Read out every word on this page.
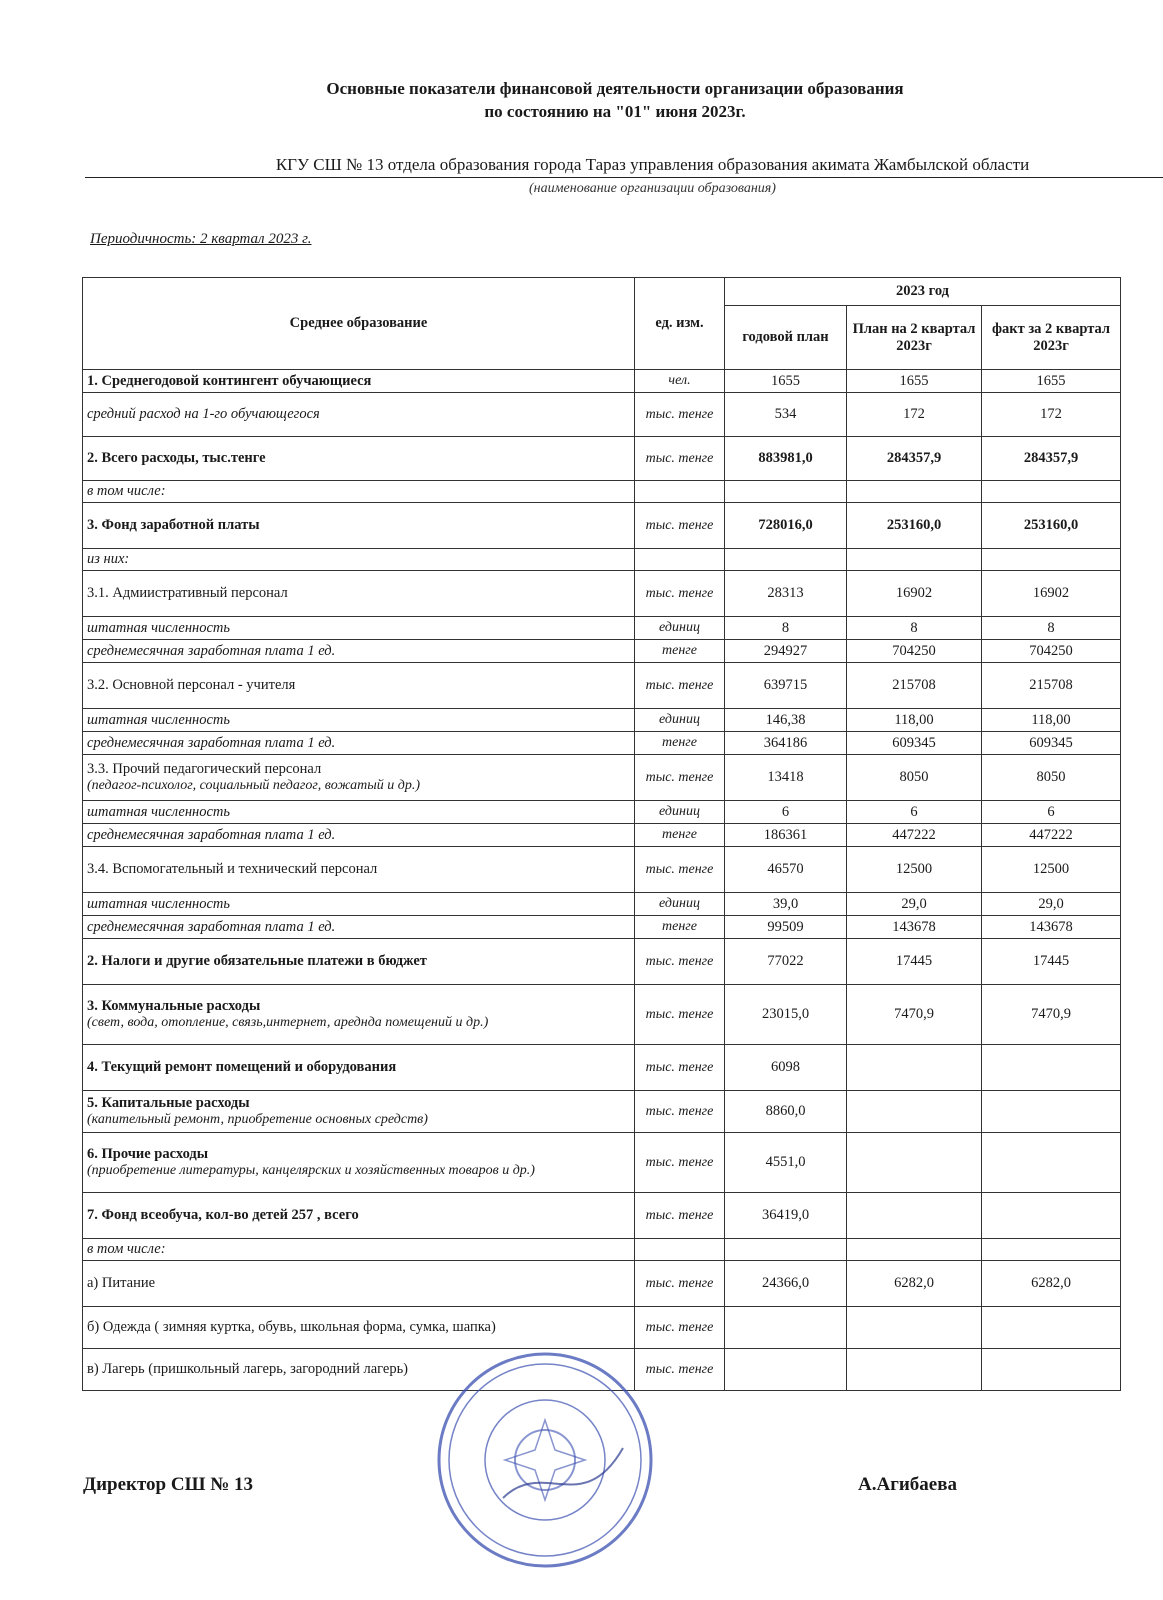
Основные показатели финансовой деятельности организации образования
по состоянию на "01" июня 2023г.
КГУ СШ № 13 отдела образования города Тараз управления образования акимата Жамбылской области
(наименование организации образования)
Периодичность: 2 квартал 2023 г.
Среднее образование	ед. изм.	2023 год		
		годовой план	План на 2 квартал 2023г	факт за 2 квартал 2023г
1. Среднегодовой контингент обучающиеся	чел.	1655	1655	1655
средний расход на 1-го обучающегося	тыс. тенге	534	172	172
2. Всего расходы, тыс.тенге	тыс. тенге	883981,0	284357,9	284357,9
в том числе:				
3. Фонд заработной платы	тыс. тенге	728016,0	253160,0	253160,0
из них:				
3.1. Адмиистративный персонал	тыс. тенге	28313	16902	16902
штатная численность	единиц	8	8	8
среднемесячная заработная плата 1 ед.	тенге	294927	704250	704250
3.2. Основной персонал - учителя	тыс. тенге	639715	215708	215708
штатная численность	единиц	146,38	118,00	118,00
среднемесячная заработная плата 1 ед.	тенге	364186	609345	609345
3.3. Прочий педагогический персонал
(педагог-психолог, социальный педагог, вожатый и др.)	тыс. тенге	13418	8050	8050
штатная численность	единиц	6	6	6
среднемесячная заработная плата 1 ед.	тенге	186361	447222	447222
3.4. Вспомогательный и технический персонал	тыс. тенге	46570	12500	12500
штатная численность	единиц	39,0	29,0	29,0
среднемесячная заработная плата 1 ед.	тенге	99509	143678	143678
2. Налоги и другие обязательные платежи в бюджет	тыс. тенге	77022	17445	17445
3. Коммунальные расходы
(свет, вода, отопление, связь,интернет, аредндa помещений и др.)	тыс. тенге	23015,0	7470,9	7470,9
4. Текущий ремонт помещений и оборудования	тыс. тенге	6098		
5. Капитальные расходы
(капительный ремонт, приобретение основных средств)	тыс. тенге	8860,0		
6. Прочие расходы
(приобретение литературы, канцелярских и хозяйственных товаров и др.)	тыс. тенге	4551,0		
7. Фонд всеобуча, кол-во детей 257 , всего	тыс. тенге	36419,0		
в том числе:				
а) Питание	тыс. тенге	24366,0	6282,0	6282,0
б) Одежда ( зимняя куртка, обувь, школьная форма, сумка, шапка)	тыс. тенге			
в) Лагерь (пришкольный лагерь, загородний лагерь)	тыс. тенге			
Директор СШ № 13	А.Агибаева
